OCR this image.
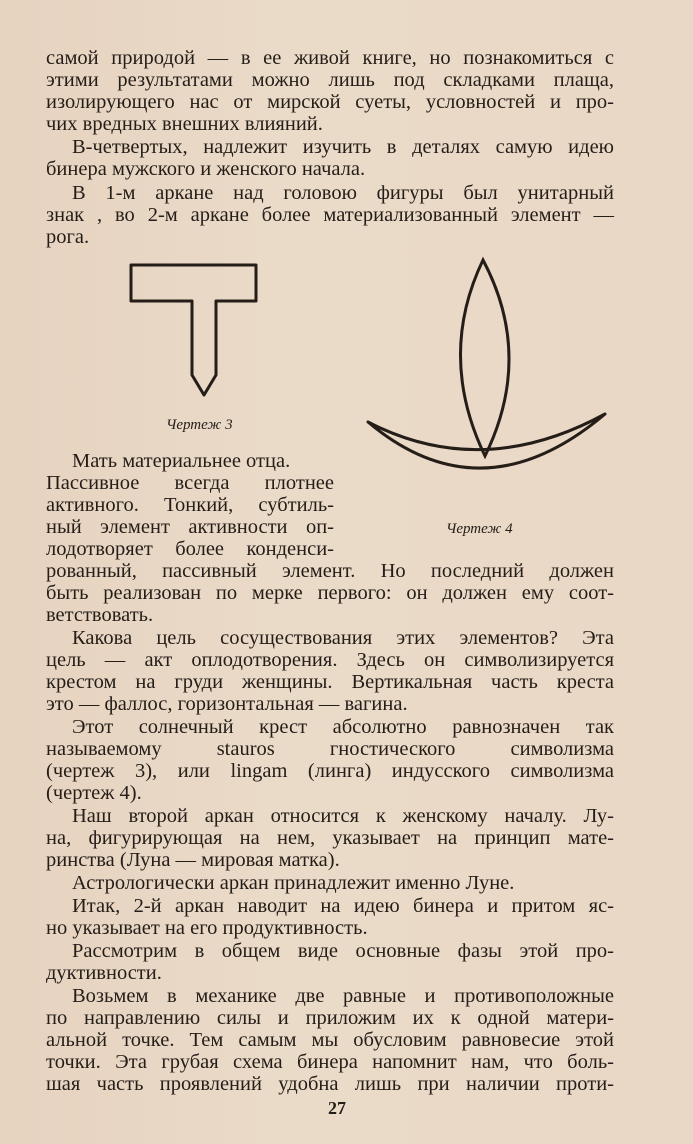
самой природой — в ее живой книге, но познакомиться с
этими результатами можно лишь под складками плаща,
изолирующего нас от мирской суеты, условностей и про-
чих вредных внешних влияний.
В-четвертых, надлежит изучить в деталях самую идею
бинера мужского и женского начала.
В 1-м аркане над головою фигуры был унитарный
знак , во 2-м аркане более материализованный элемент —
рога.
Чертеж 3
Чертеж 4
Мать материальнее отца.
Пассивное всегда плотнее
активного. Тонкий, субтиль-
ный элемент активности оп-
лодотворяет более конденси-
рованный, пассивный элемент. Но последний должен
быть реализован по мерке первого: он должен ему соот-
ветствовать.
Какова цель сосуществования этих элементов? Эта
цель — акт оплодотворения. Здесь он символизируется
крестом на груди женщины. Вертикальная часть креста
это — фаллос, горизонтальная — вагина.
Этот солнечный крест абсолютно равнозначен так
называемому stauros гностического символизма
(чертеж 3), или lingam (линга) индусского символизма
(чертеж 4).
Наш второй аркан относится к женскому началу. Лу-
на, фигурирующая на нем, указывает на принцип мате-
ринства (Луна — мировая матка).
Астрологически аркан принадлежит именно Луне.
Итак, 2-й аркан наводит на идею бинера и притом яс-
но указывает на его продуктивность.
Рассмотрим в общем виде основные фазы этой про-
дуктивности.
Возьмем в механике две равные и противоположные
по направлению силы и приложим их к одной матери-
альной точке. Тем самым мы обусловим равновесие этой
точки. Эта грубая схема бинера напомнит нам, что боль-
шая часть проявлений удобна лишь при наличии проти-
27
